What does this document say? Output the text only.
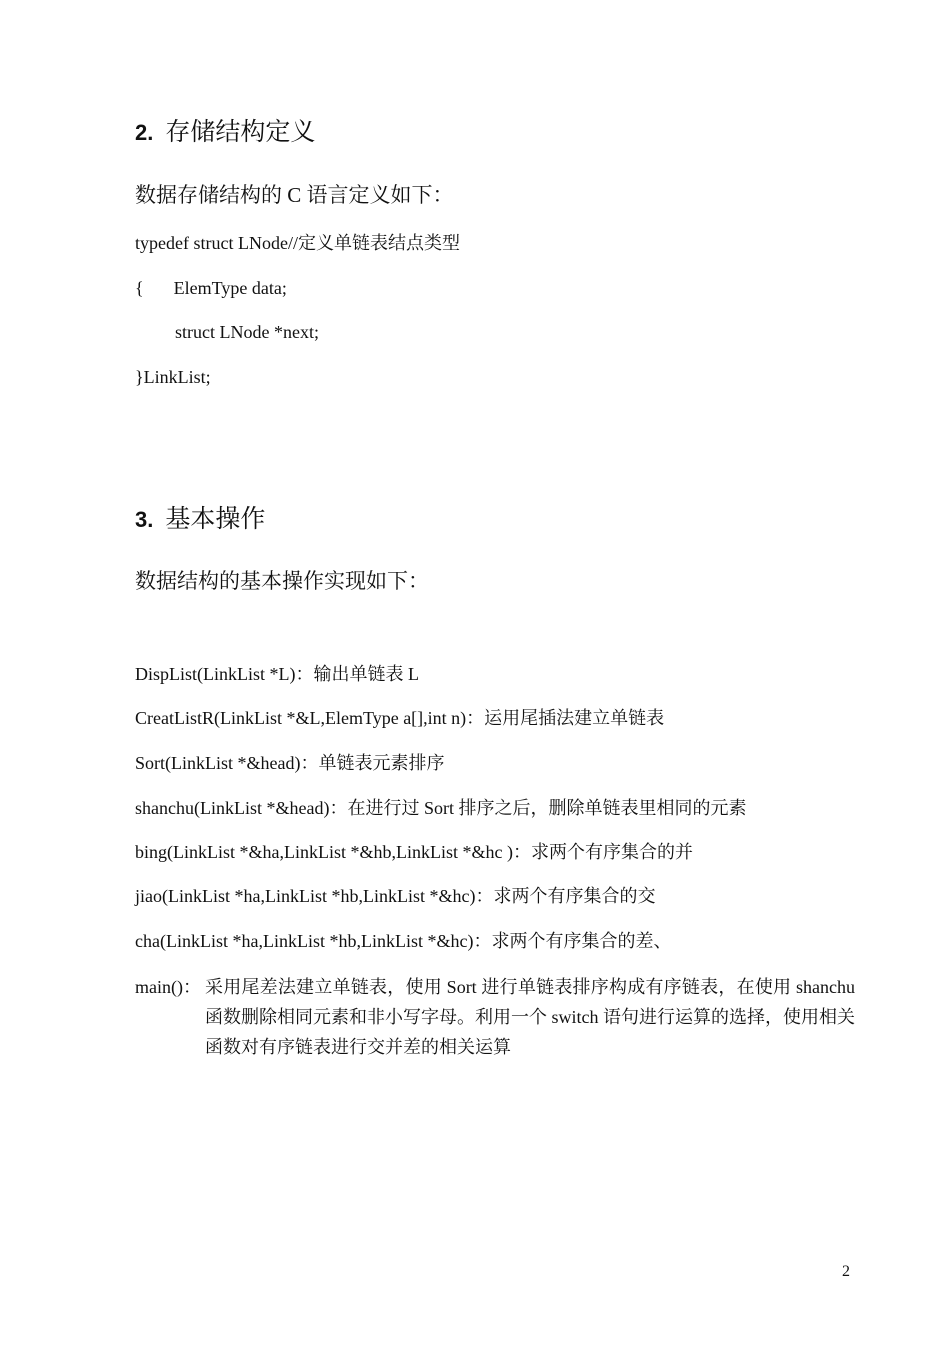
2. 存储结构定义
数据存储结构的 C 语言定义如下：
typedef struct LNode//定义单链表结点类型
{ ElemType data;
struct LNode *next;
}LinkList;
3. 基本操作
数据结构的基本操作实现如下：
DispList(LinkList *L)：输出单链表 L
CreatListR(LinkList *&L,ElemType a[],int n)：运用尾插法建立单链表
Sort(LinkList *&head)：单链表元素排序
shanchu(LinkList *&head)：在进行过 Sort 排序之后，删除单链表里相同的元素
bing(LinkList *&ha,LinkList *&hb,LinkList *&hc )：求两个有序集合的并
jiao(LinkList *ha,LinkList *hb,LinkList *&hc)：求两个有序集合的交
cha(LinkList *ha,LinkList *hb,LinkList *&hc)：求两个有序集合的差、
main()： 采用尾差法建立单链表，使用 Sort 进行单链表排序构成有序链表，在使用 shanchu 函数删除相同元素和非小写字母。利用一个 switch 语句进行运算的选择，使用相关函数对有序链表进行交并差的相关运算
2
